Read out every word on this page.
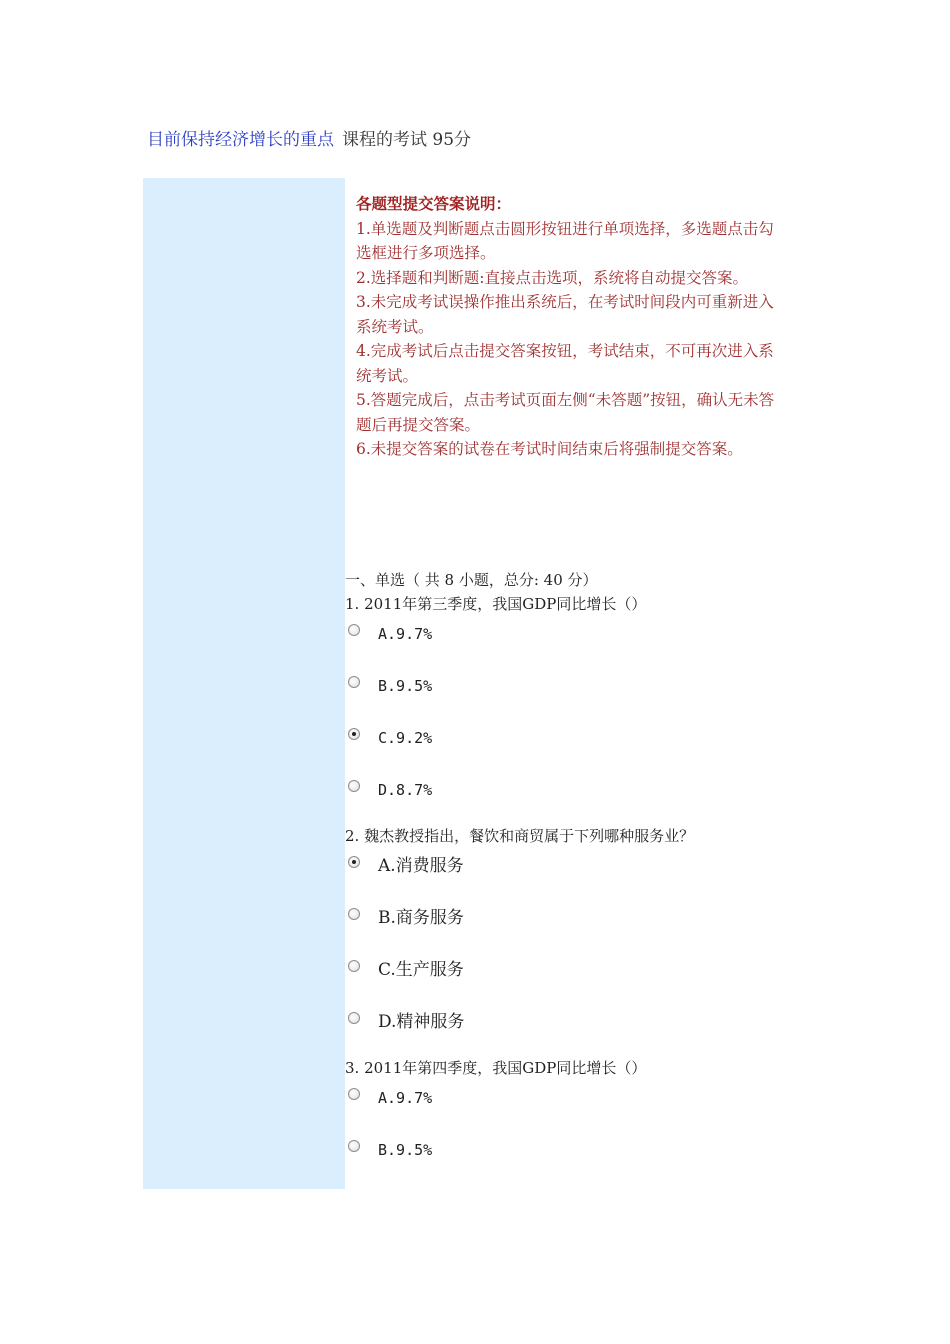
目前保持经济增长的重点 课程的考试 95分
各题型提交答案说明：

1.单选题及判断题点击圆形按钮进行单项选择，多选题点击勾选框进行多项选择。

2.选择题和判断题:直接点击选项，系统将自动提交答案。

3.未完成考试误操作推出系统后，在考试时间段内可重新进入系统考试。

4.完成考试后点击提交答案按钮，考试结束，不可再次进入系统考试。

5.答题完成后，点击考试页面左侧“未答题”按钮，确认无未答题后再提交答案。

6.未提交答案的试卷在考试时间结束后将强制提交答案。

一、单选（ 共 8 小题，总分: 40 分）
1. 2011年第三季度，我国GDP同比增长（）
A.9.7%
B.9.5%
C.9.2%
D.8.7%
2. 魏杰教授指出，餐饮和商贸属于下列哪种服务业？
A.消费服务
B.商务服务
C.生产服务
D.精神服务
3. 2011年第四季度，我国GDP同比增长（）
A.9.7%
B.9.5%
